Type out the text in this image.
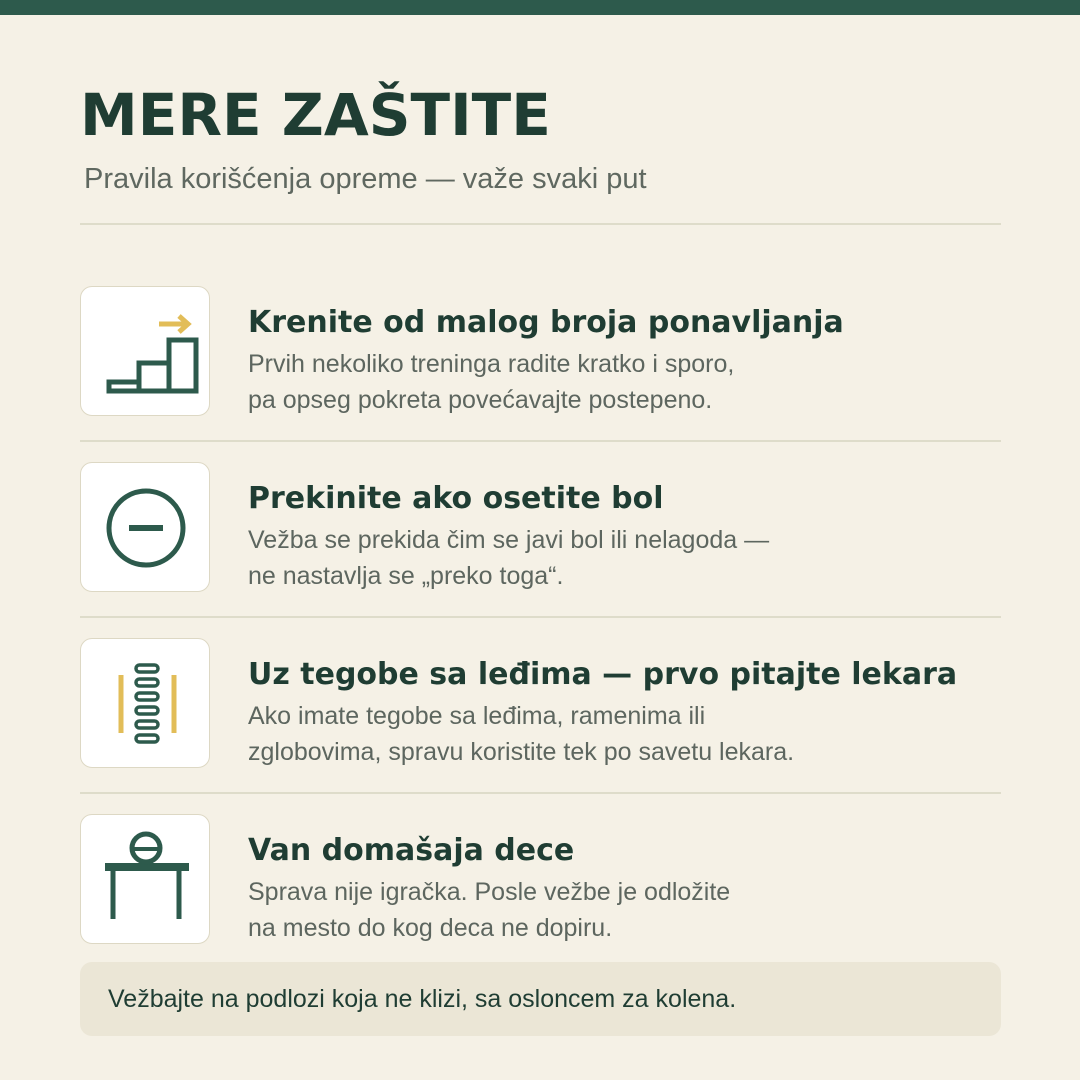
MERE ZAŠTITE
Pravila korišćenja opreme — važe svaki put
Krenite od malog broja ponavljanja
Prvih nekoliko treninga radite kratko i sporo,
pa opseg pokreta povećavajte postepeno.
Prekinite ako osetite bol
Vežba se prekida čim se javi bol ili nelagoda —
ne nastavlja se „preko toga“.
Uz tegobe sa leđima — prvo pitajte lekara
Ako imate tegobe sa leđima, ramenima ili
zglobovima, spravu koristite tek po savetu lekara.
Van domašaja dece
Sprava nije igračka. Posle vežbe je odložite
na mesto do kog deca ne dopiru.
Vežbajte na podlozi koja ne klizi, sa osloncem za kolena.
